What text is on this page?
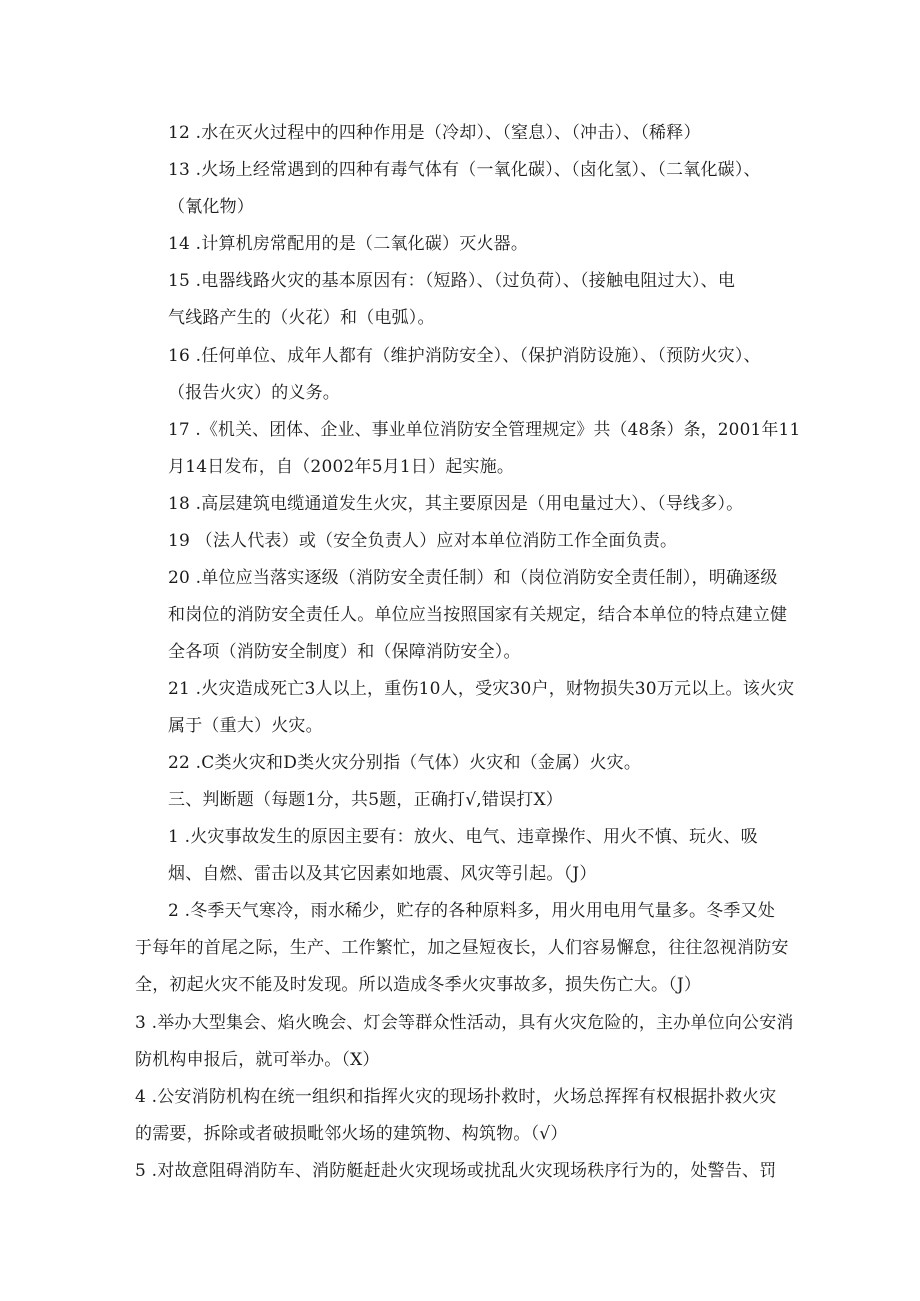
12 .水在灭火过程中的四种作用是（冷却）、（窒息）、（冲击）、（稀释）
13 .火场上经常遇到的四种有毒气体有（一氧化碳）、（卤化氢）、（二氧化碳）、
（氰化物）
14 .计算机房常配用的是（二氧化碳）灭火器。
15 .电器线路火灾的基本原因有：（短路）、（过负荷）、（接触电阻过大）、电
气线路产生的（火花）和（电弧）。
16 .任何单位、成年人都有（维护消防安全）、（保护消防设施）、（预防火灾）、
（报告火灾）的义务。
17 .《机关、团体、企业、事业单位消防安全管理规定》共（48条）条，2001年11
月14日发布，自（2002年5月1日）起实施。
18 .高层建筑电缆通道发生火灾，其主要原因是（用电量过大）、（导线多）。
19 （法人代表）或（安全负责人）应对本单位消防工作全面负责。
20 .单位应当落实逐级（消防安全责任制）和（岗位消防安全责任制），明确逐级
和岗位的消防安全责任人。单位应当按照国家有关规定，结合本单位的特点建立健
全各项（消防安全制度）和（保障消防安全）。
21 .火灾造成死亡3人以上，重伤10人，受灾30户，财物损失30万元以上。该火灾
属于（重大）火灾。
22 .C类火灾和D类火灾分别指（气体）火灾和（金属）火灾。
三、判断题（每题1分，共5题，正确打√,错误打X）
1 .火灾事故发生的原因主要有：放火、电气、违章操作、用火不慎、玩火、吸
烟、自燃、雷击以及其它因素如地震、风灾等引起。（J）
2 .冬季天气寒冷，雨水稀少，贮存的各种原料多，用火用电用气量多。冬季又处
于每年的首尾之际，生产、工作繁忙，加之昼短夜长，人们容易懈怠，往往忽视消防安
全，初起火灾不能及时发现。所以造成冬季火灾事故多，损失伤亡大。（J）
3 .举办大型集会、焰火晚会、灯会等群众性活动，具有火灾危险的，主办单位向公安消
防机构申报后，就可举办。（X）
4 .公安消防机构在统一组织和指挥火灾的现场扑救时，火场总挥挥有权根据扑救火灾
的需要，拆除或者破损毗邻火场的建筑物、构筑物。（√）
5 .对故意阻碍消防车、消防艇赶赴火灾现场或扰乱火灾现场秩序行为的，处警告、罚
